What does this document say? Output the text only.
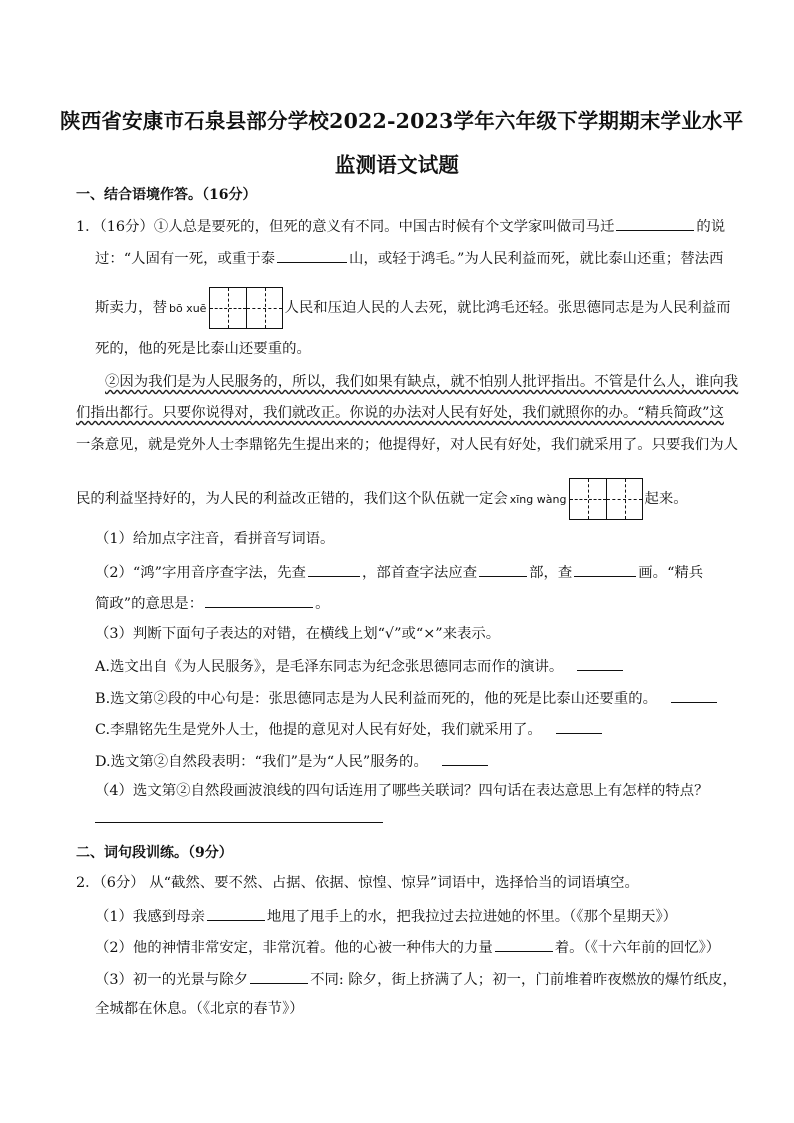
陕西省安康市石泉县部分学校2022-2023学年六年级下学期期末学业水平
监测语文试题
一、结合语境作答。（16分）
1．（16分）①人总是要死的，但死的意义有不同。中国古时候有个文学家叫做司马迁	的说
过：“人固有一死，或重于泰	山，或轻于鸿毛。”为人民利益而死，就比泰山还重；替法西
斯卖力，替 bō xuē	人民和压迫人民的人去死，就比鸿毛还轻。张思德同志是为人民利益而
死的，他的死是比泰山还要重的。
②因为我们是为人民服务的，所以，我们如果有缺点，就不怕别人批评指出。不管是什么人，谁向我
们指出都行。只要你说得对，我们就改正。你说的办法对人民有好处，我们就照你的办。“精兵简政”这
一条意见，就是党外人士李鼎铭先生提出来的；他提得好，对人民有好处，我们就采用了。只要我们为人
民的利益坚持好的，为人民的利益改正错的，我们这个队伍就一定会 xīng wàng	起来。
（1）给加点字注音，看拼音写词语。
（2）“鸿”字用音序查字法，先查	，部首查字法应查	部，查	画。“精兵
简政”的意思是：	。
（3）判断下面句子表达的对错，在横线上划“√”或“×”来表示。
A.选文出自《为人民服务》，是毛泽东同志为纪念张思德同志而作的演讲。
B.选文第②段的中心句是：张思德同志是为人民利益而死的，他的死是比泰山还要重的。
C.李鼎铭先生是党外人士，他提的意见对人民有好处，我们就采用了。
D.选文第②自然段表明：“我们”是为“人民”服务的。
（4）选文第②自然段画波浪线的四句话连用了哪些关联词？四句话在表达意思上有怎样的特点？
二、词句段训练。（9分）
2．（6分） 从“截然、要不然、占据、依据、惊惶、惊异”词语中，选择恰当的词语填空。
（1）我感到母亲	地甩了甩手上的水，把我拉过去拉进她的怀里。（《那个星期天》）
（2）他的神情非常安定，非常沉着。他的心被一种伟大的力量	着。（《十六年前的回忆》）
（3）初一的光景与除夕	不同: 除夕，街上挤满了人；初一，门前堆着昨夜燃放的爆竹纸皮，
全城都在休息。（《北京的春节》）
